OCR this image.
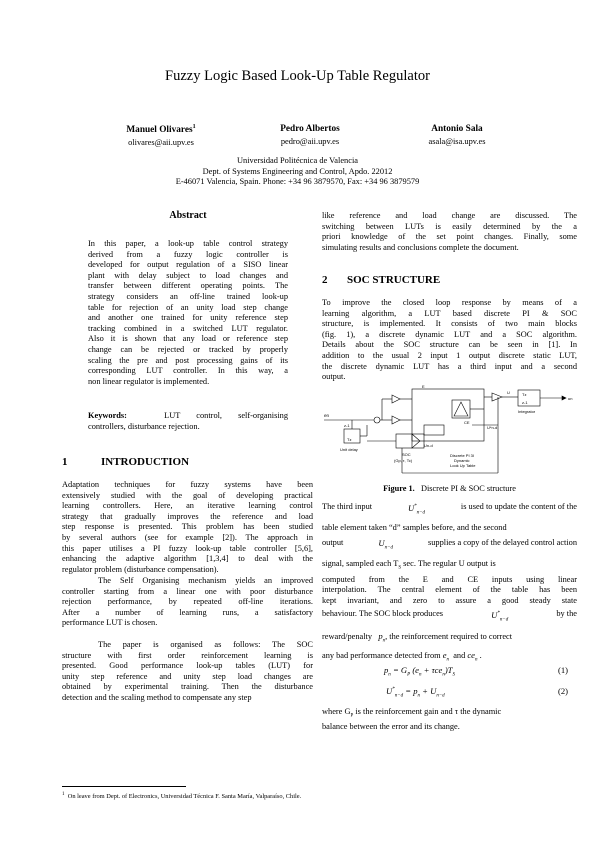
Fuzzy Logic Based Look-Up Table Regulator
Manuel Olivares$^1$
olivares@aii.upv.es
Pedro Albertos
pedro@aii.upv.es
Antonio Sala
asala@isa.upv.es
Universidad Politécnica de Valencia
Dept. of Systems Engineering and Control, Apdo. 22012
E-46071 Valencia, Spain. Phone: +34 96 3879570, Fax: +34 96 3879579
Abstract
In this paper, a look-up table control strategy
derived from a fuzzy logic controller is
developed for output regulation of a SISO linear
plant with delay subject to load changes and
transfer between different operating points. The
strategy considers an off-line trained look-up
table for rejection of an unity load step change
and another one trained for unity reference step
tracking combined in a switched LUT regulator.
Also it is shown that any load or reference step
change can be rejected or tracked by properly
scaling the pre and post processing gains of its
corresponding LUT controller. In this way, a
non linear regulator is implemented.
Keywords:	LUT control, self-organising
controllers, disturbance rejection.
1	INTRODUCTION
Adaptation techniques for fuzzy systems have been
extensively studied with the goal of developing practical
learning controllers. Here, an iterative learning control
strategy that gradually improves the reference and load
step response is presented. This problem has been studied
by several authors (see for example [2]). The approach in
this paper utilises a PI fuzzy look-up table controller [5,6],
enhancing the adaptive algorithm [1,3,4] to deal with the
regulator problem (disturbance compensation).
The Self Organising mechanism yields an improved
controller starting from a linear one with poor disturbance
rejection performance, by repeated off-line iterations.
After a number of learning runs, a satisfactory
performance LUT is chosen.
The paper is organised as follows: The SOC
structure with first order reinforcement learning is
presented. Good performance look-up tables (LUT) for
unity step reference and unity step load changes are
obtained by experimental training. Then the disturbance
detection and the scaling method to compensate any step
like reference and load change are discussed. The
switching between LUTs is easily determined by the a
priori knowledge of the set point changes. Finally, some
simulating results and conclusions complete the document.
2 SOC STRUCTURE
To improve the closed loop response by means of a
learning algorithm, a LUT based discrete PI & SOC
structure, is implemented. It consists of two main blocks
(fig. 1), a discrete dynamic LUT and a SOC algorithm.
Details about the SOC structure can be seen in [1]. In
addition to the usual 2 input 1 output discrete static LUT,
the discrete dynamic LUT has a third input and a second
output.
en
z-1
Tz
Unit delay
E
CE
U	Tz
z-1
Integrator
un
SOC
(Gp, τ, Tc)
Discrete PI 3I
Dynamic
Look Up Table
Un-d
U*n-d
Figure 1. Discrete PI & SOC structure
The third input	$U^*_{n-d}$
is used to update the content of the
table element taken “d” samples before, and the second
output	$U_{n-d}$
supplies a copy of the delayed control action
signal, sampled each $T_S$ sec. The regular U output is
computed from the E and CE inputs using linear
interpolation. The central element of the table has been
kept invariant, and zero to assure a good steady state
behaviour. The SOC block produces	$U^*_{n-d}$
by the
reward/penalty $p_n$, the reinforcement required to correct
any bad performance detected from $e_n$  and $ce_n$ .
$p_n = G_P$ $(e_n + \tau ce_n)T_S$
(1)
$U^*_{n-d} = p_n + U_{n-d}$
(2)
where $G_P$ is the reinforcement gain and τ the dynamic
balance between the error and its change.
$^1$ On leave from Dept. of Electronics, Universidad Técnica F. Santa María, Valparaíso, Chile.
